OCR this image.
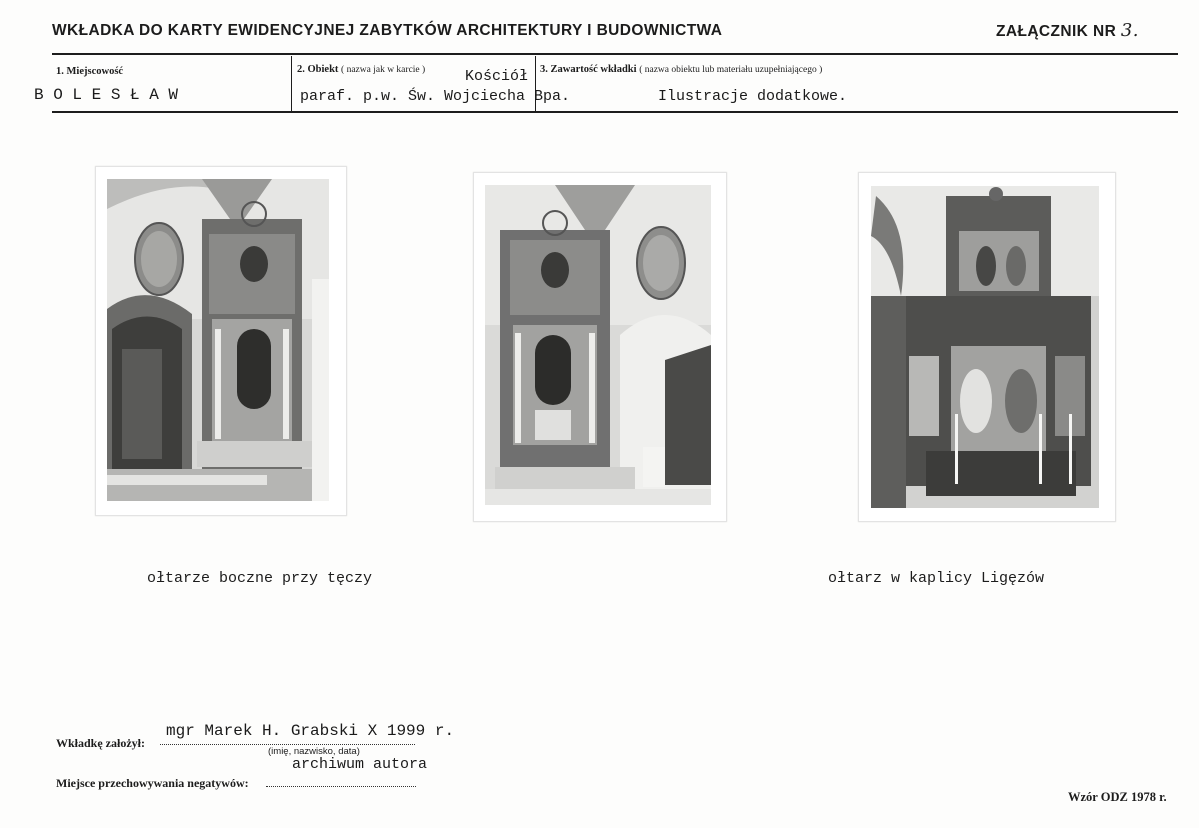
WKŁADKA DO KARTY EWIDENCYJNEJ ZABYTKÓW ARCHITEKTURY I BUDOWNICTWA	ZAŁĄCZNIK NR 3.
1. Miejscowość
B O L E S Ł A W
2. Obiekt ( nazwa jak w karcie )	Kościół
paraf. p.w. Św. Wojciecha Bpa.
3. Zawartość wkładki ( nazwa obiektu lub materiału uzupełniającego )
Ilustracje dodatkowe.
ołtarze boczne przy tęczy	ołtarz w kaplicy Ligęzów
Wkładkę założył:
mgr Marek H. Grabski X 1999 r.
(imię, nazwisko, data)
archiwum autora
Miejsce przechowywania negatywów:
Wzór ODZ 1978 r.
